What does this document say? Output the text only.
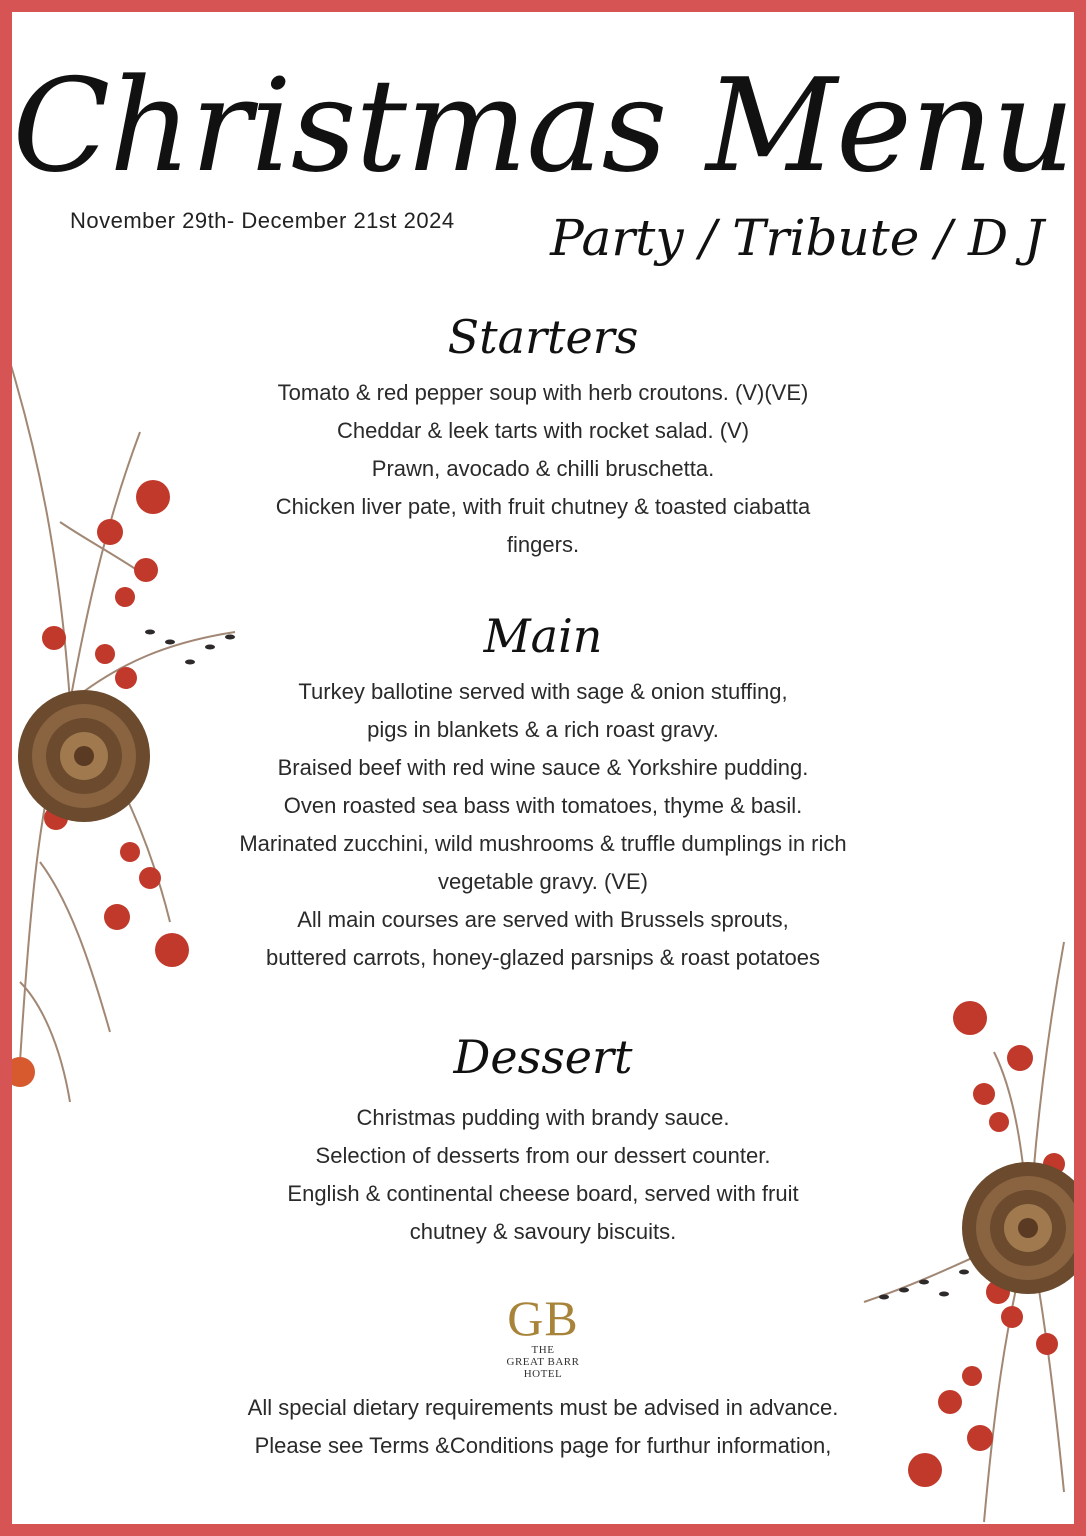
Christmas Menu
November 29th- December 21st 2024 Party / Tribute / D J
Starters
Tomato & red pepper soup with herb croutons. (V)(VE)
Cheddar & leek tarts with rocket salad. (V)
Prawn, avocado & chilli bruschetta.
Chicken liver pate, with fruit chutney & toasted ciabatta
fingers.
Main
Turkey ballotine served with sage & onion stuffing,
pigs in blankets & a rich roast gravy.
Braised beef with red wine sauce & Yorkshire pudding.
Oven roasted sea bass with tomatoes, thyme & basil.
Marinated zucchini, wild mushrooms & truffle dumplings in rich
vegetable gravy. (VE)
All main courses are served with Brussels sprouts,
buttered carrots, honey-glazed parsnips & roast potatoes
Dessert
Christmas pudding with brandy sauce.
Selection of desserts from our dessert counter.
English & continental cheese board, served with fruit
chutney & savoury biscuits.
GB
THE
GREAT BARR
HOTEL
All special dietary requirements must be advised in advance.
Please see Terms &Conditions page for furthur information,
